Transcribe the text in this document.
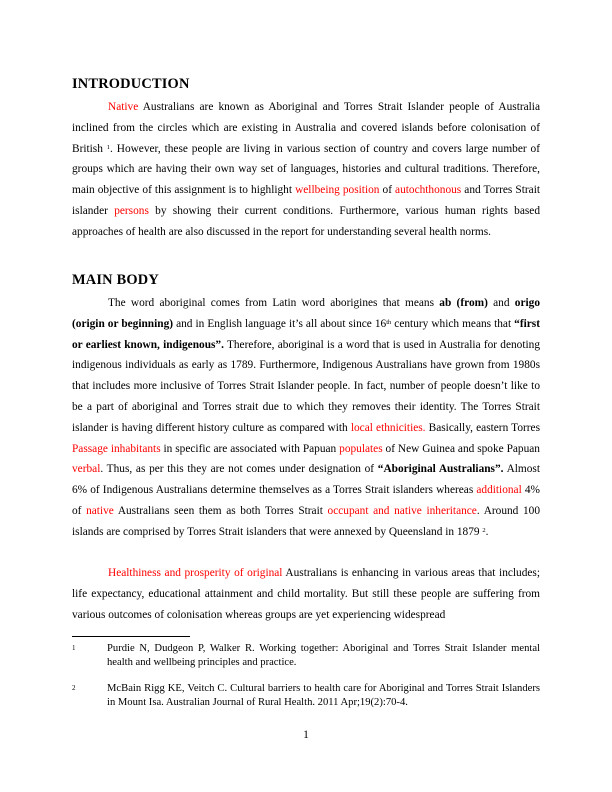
INTRODUCTION

Native Australians are known as Aboriginal and Torres Strait Islander people of Australia inclined from the circles which are existing in Australia and covered islands before colonisation of British $^1$. However, these people are living in various section of country and covers large number of groups which are having their own way set of languages, histories and cultural traditions. Therefore, main objective of this assignment is to highlight wellbeing position of autochthonous and Torres Strait islander persons by showing their current conditions. Furthermore, various human rights based approaches of health are also discussed in the report for understanding several health norms.

MAIN BODY

The word aboriginal comes from Latin word aborigines that means ab (from) and origo (origin or beginning) and in English language it’s all about since 16th century which means that “first or earliest known, indigenous”. Therefore, aboriginal is a word that is used in Australia for denoting indigenous individuals as early as 1789. Furthermore, Indigenous Australians have grown from 1980s that includes more inclusive of Torres Strait Islander people. In fact, number of people doesn’t like to be a part of aboriginal and Torres strait due to which they removes their identity. The Torres Strait islander is having different history culture as compared with local ethnicities. Basically, eastern Torres Passage inhabitants in specific are associated with Papuan populates of New Guinea and spoke Papuan verbal. Thus, as per this they are not comes under designation of “Aboriginal Australians”. Almost 6% of Indigenous Australians determine themselves as a Torres Strait islanders whereas additional 4% of native Australians seen them as both Torres Strait occupant and native inheritance. Around 100 islands are comprised by Torres Strait islanders that were annexed by Queensland in 1879 $^2$.

Healthiness and prosperity of original Australians is enhancing in various areas that includes; life expectancy, educational attainment and child mortality. But still these people are suffering from various outcomes of colonisation whereas groups are yet experiencing widespread

1	Purdie N, Dudgeon P, Walker R. Working together: Aboriginal and Torres Strait Islander mental health and wellbeing principles and practice.
2	McBain Rigg KE, Veitch C. Cultural barriers to health care for Aboriginal and Torres Strait Islanders in Mount Isa. Australian Journal of Rural Health. 2011 Apr;19(2):70-4.
1
